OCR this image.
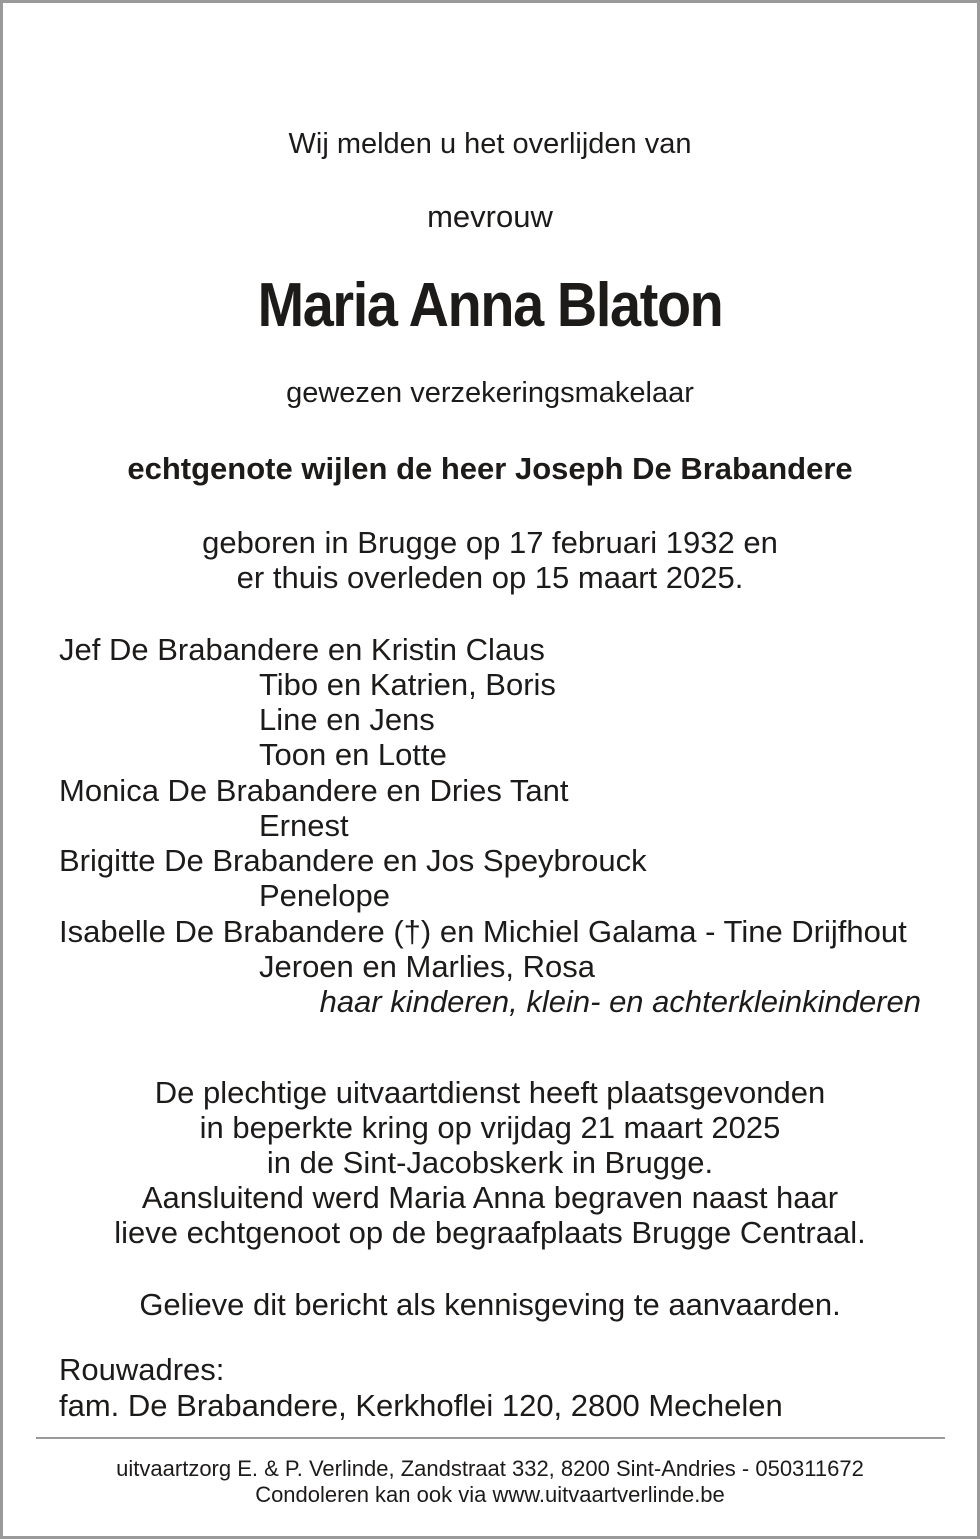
Wij melden u het overlijden van
mevrouw
Maria Anna Blaton
gewezen verzekeringsmakelaar
echtgenote wijlen de heer Joseph De Brabandere
geboren in Brugge op 17 februari 1932 en
er thuis overleden op 15 maart 2025.
Jef De Brabandere en Kristin Claus
Tibo en Katrien, Boris
Line en Jens
Toon en Lotte
Monica De Brabandere en Dries Tant
Ernest
Brigitte De Brabandere en Jos Speybrouck
Penelope
Isabelle De Brabandere (†) en Michiel Galama - Tine Drijfhout
Jeroen en Marlies, Rosa
haar kinderen, klein- en achterkleinkinderen
De plechtige uitvaartdienst heeft plaatsgevonden
in beperkte kring op vrijdag 21 maart 2025
in de Sint-Jacobskerk in Brugge.
Aansluitend werd Maria Anna begraven naast haar
lieve echtgenoot op de begraafplaats Brugge Centraal.
Gelieve dit bericht als kennisgeving te aanvaarden.
Rouwadres:
fam. De Brabandere, Kerkhoflei 120, 2800 Mechelen
uitvaartzorg E. & P. Verlinde, Zandstraat 332, 8200 Sint-Andries - 050311672
Condoleren kan ook via www.uitvaartverlinde.be
